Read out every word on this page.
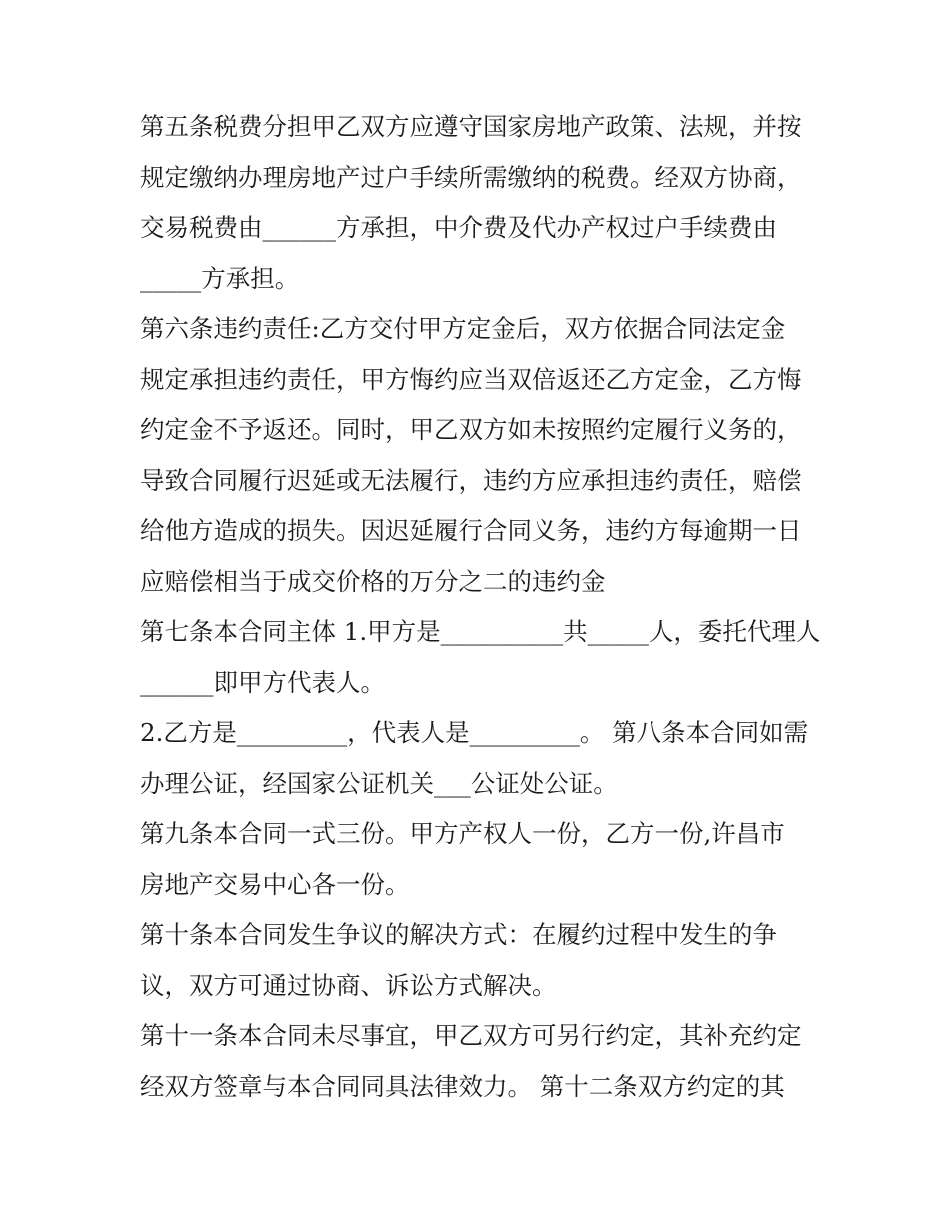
第五条税费分担甲乙双方应遵守国家房地产政策、法规，并按
规定缴纳办理房地产过户手续所需缴纳的税费。经双方协商，
交易税费由______方承担，中介费及代办产权过户手续费由
_____方承担。
第六条违约责任:乙方交付甲方定金后，双方依据合同法定金
规定承担违约责任，甲方悔约应当双倍返还乙方定金，乙方悔
约定金不予返还。同时，甲乙双方如未按照约定履行义务的，
导致合同履行迟延或无法履行，违约方应承担违约责任，赔偿
给他方造成的损失。因迟延履行合同义务，违约方每逾期一日
应赔偿相当于成交价格的万分之二的违约金
第七条本合同主体 1.甲方是__________共_____人，委托代理人
______即甲方代表人。
2.乙方是_________，代表人是_________。 第八条本合同如需
办理公证，经国家公证机关___公证处公证。
第九条本合同一式三份。甲方产权人一份，乙方一份,许昌市
房地产交易中心各一份。
第十条本合同发生争议的解决方式：在履约过程中发生的争
议，双方可通过协商、诉讼方式解决。
第十一条本合同未尽事宜，甲乙双方可另行约定，其补充约定
经双方签章与本合同同具法律效力。 第十二条双方约定的其
